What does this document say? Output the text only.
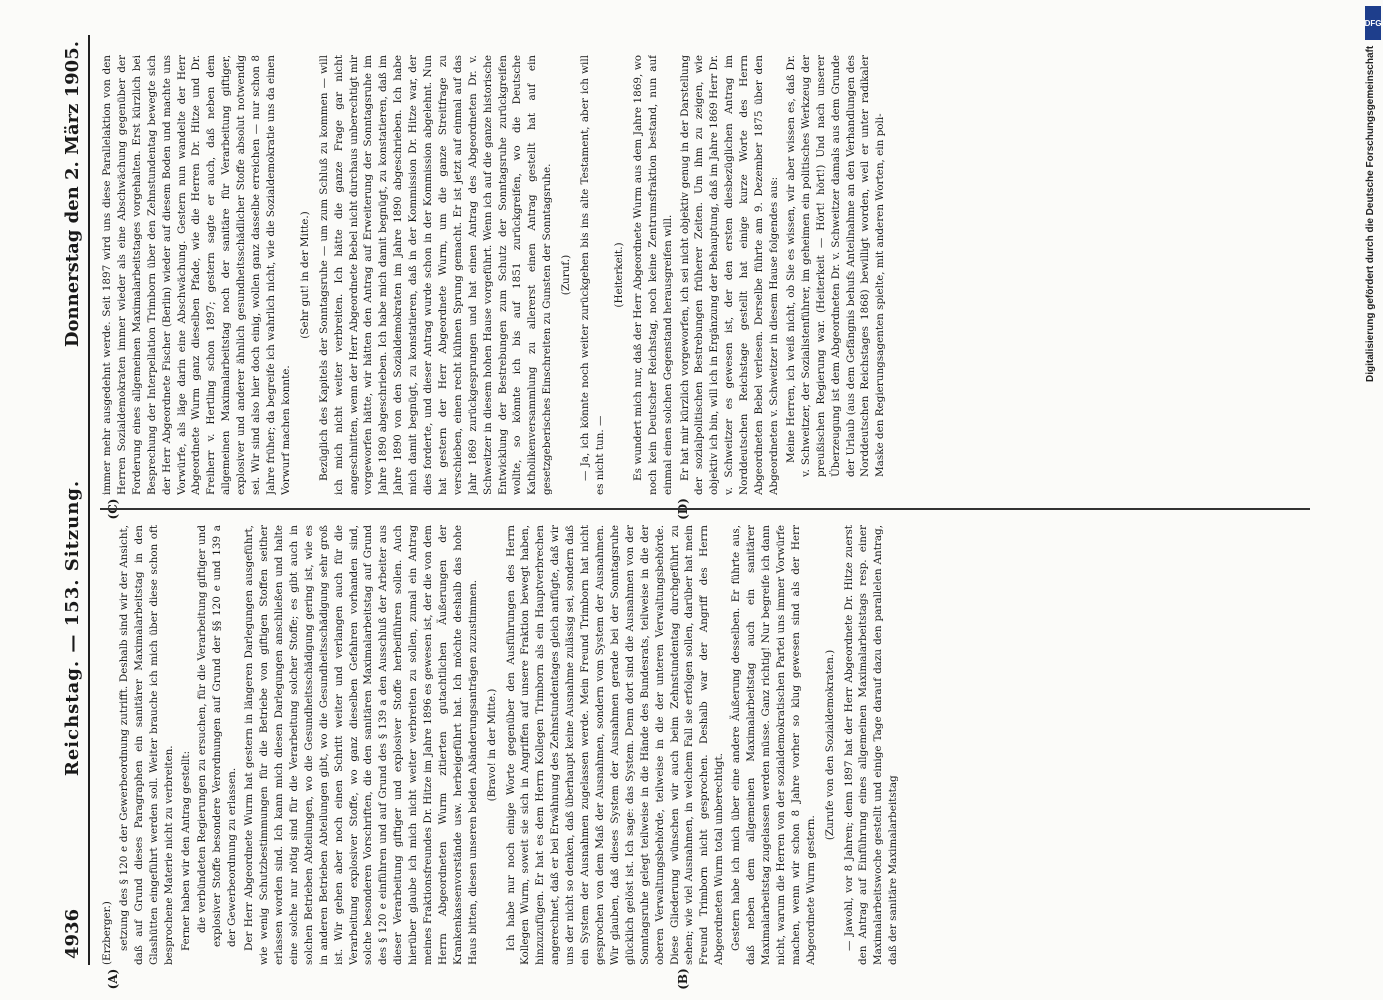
4936
Reichstag. — 153. Sitzung.
Donnerstag den 2. März 1905.
(A)	(B)

(Erzberger.) setzung des § 120 e der Gewerbeordnung zutrifft. Deshalb sind wir der Ansicht, daß auf Grund dieses Paragraphen ein sanitärer Maximalarbeitstag in den Glashütten eingeführt werden soll. Weiter brauche ich mich über diese schon oft besprochene Materie nicht zu verbreiten. Ferner haben wir den Antrag gestellt: die verbündeten Regierungen zu ersuchen, für die Verarbeitung giftiger und explosiver Stoffe besondere Verordnungen auf Grund der §§ 120 e und 139 a der Gewerbeordnung zu erlassen. Der Herr Abgeordnete Wurm hat gestern in längeren Darlegungen ausgeführt, wie wenig Schutzbestimmungen für die Betriebe von giftigen Stoffen seither erlassen worden sind. Ich kann mich diesen Darlegungen anschließen und halte eine solche nur nötig sind für die Verarbeitung solcher Stoffe; es gibt auch in solchen Betrieben Abteilungen, wo die Gesundheitsschädigung gering ist, wie es in anderen Betrieben Abteilungen gibt, wo die Gesundheitsschädigung sehr groß ist. Wir gehen aber noch einen Schritt weiter und verlangen auch für die Verarbeitung explosiver Stoffe, wo ganz dieselben Gefahren vorhanden sind, solche besonderen Vorschriften, die den sanitären Maximalarbeitstag auf Grund des § 120 e einführen und auf Grund des § 139 a den Ausschluß der Arbeiter aus dieser Verarbeitung giftiger und explosiver Stoffe herbeiführen sollen. Auch hierüber glaube ich mich nicht weiter verbreiten zu sollen, zumal ein Antrag meines Fraktionsfreundes Dr. Hitze im Jahre 1896 es gewesen ist, der die von dem Herrn Abgeordneten Wurm zitierten gutachtlichen Äußerungen der Krankenkassenvorstände usw. herbeigeführt hat. Ich möchte deshalb das hohe Haus bitten, diesen unseren beiden Abänderungsanträgen zuzustimmen. (Bravo! in der Mitte.) Ich habe nur noch einige Worte gegenüber den Ausführungen des Herrn Kollegen Wurm, soweit sie sich in Angriffen auf unsere Fraktion bewegt haben, hinzuzufügen. Er hat es dem Herrn Kollegen Trimborn als ein Hauptverbrechen angerechnet, daß er bei Erwähnung des Zehnstundentages gleich anfügte, daß wir uns der nicht so denken, daß überhaupt keine Ausnahme zulässig sei, sondern daß ein System der Ausnahmen zugelassen werde. Mein Freund Trimborn hat nicht gesprochen von dem Maß der Ausnahmen, sondern vom System der Ausnahmen. Wir glauben, daß dieses System der Ausnahmen gerade bei der Sonntagsruhe glücklich gelöst ist. Ich sage: das System. Denn dort sind die Ausnahmen von der Sonntagsruhe gelegt teilweise in die Hände des Bundesrats, teilweise in die der oberen Verwaltungsbehörde, teilweise in die der unteren Verwaltungsbehörde. Diese Gliederung wünschen wir auch beim Zehnstundentag durchgeführt zu sehen; wie viel Ausnahmen, in welchem Fall sie erfolgen sollen, darüber hat mein Freund Trimborn nicht gesprochen. Deshalb war der Angriff des Herrn Abgeordneten Wurm total unberechtigt. Gestern habe ich mich über eine andere Äußerung desselben. Er führte aus, daß neben dem allgemeinen Maximalarbeitstag auch ein sanitärer Maximalarbeitstag zugelassen werden müsse. Ganz richtig! Nur begreife ich dann nicht, warum die Herren von der sozialdemokratischen Partei uns immer Vorwürfe machen, wenn wir schon 8 Jahre vorher so klug gewesen sind als der Herr Abgeordnete Wurm gestern.

(Zurufe von den Sozialdemokraten.) — Jawohl, vor 8 Jahren; denn 1897 hat der Herr Abgeordnete Dr. Hitze zuerst den Antrag auf Einführung eines allgemeinen Maximalarbeitstags resp. einer Maximalarbeitswoche gestellt und einige Tage darauf dazu den parallelen Antrag, daß der sanitäre Maximalarbeitstag

immer mehr ausgedehnt werde. Seit 1897 wird uns diese Parallelaktion von den Herren Sozialdemokraten immer wieder als eine Abschwächung gegenüber der Forderung eines allgemeinen Maximalarbeitstages vorgehalten. Erst kürzlich bei Besprechung der Interpellation Trimborn über den Zehnstundentag bewegte sich der Herr Abgeordnete Fischer (Berlin) wieder auf diesem Boden und machte uns Vorwürfe, als läge darin eine Abschwächung. Gestern nun wandelte der Herr Abgeordnete Wurm ganz dieselben Pfade, wie die Herren Dr. Hitze und Dr. Freiherr v. Hertling schon 1897; gestern sagte er auch, daß neben dem allgemeinen Maximalarbeitstag noch der sanitäre für Verarbeitung giftiger, explosiver und anderer ähnlich gesundheitsschädlicher Stoffe absolut notwendig sei. Wir sind also hier doch einig, wollen ganz dasselbe erreichen — nur schon 8 Jahre früher; da begreife ich wahrlich nicht, wie die Sozialdemokratie uns da einen Vorwurf machen konnte.

(Sehr gut! in der Mitte.) Bezüglich des Kapitels der Sonntagsruhe — um zum Schluß zu kommen — will ich mich nicht weiter verbreiten. Ich hätte die ganze Frage gar nicht angeschnitten, wenn der Herr Abgeordnete Bebel nicht durchaus unberechtigt mir vorgeworfen hätte, wir hätten den Antrag auf Erweiterung der Sonntagsruhe im Jahre 1890 abgeschrieben. Ich habe mich damit begnügt, zu konstatieren, daß im Jahre 1890 von den Sozialdemokraten im Jahre 1890 abgeschrieben. Ich habe mich damit begnügt, zu konstatieren, daß in der Kommission Dr. Hitze war, der dies forderte, und dieser Antrag wurde schon in der Kommission abgelehnt. Nun hat gestern der Herr Abgeordnete Wurm, um die ganze Streitfrage zu verschieben, einen recht kühnen Sprung gemacht. Er ist jetzt auf einmal auf das Jahr 1869 zurückgesprungen und hat einen Antrag des Abgeordneten Dr. v. Schweitzer in diesem hohen Hause vorgeführt. Wenn ich auf die ganze historische Entwicklung der Bestrebungen zum Schutz der Sonntagsruhe zurückgreifen wollte, so könnte ich bis auf 1851 zurückgreifen, wo die Deutsche Katholikenversammlung zu allererst einen Antrag gestellt hat auf ein gesetzgeberisches Einschreiten zu Gunsten der Sonntagsruhe. (Zuruf.) — Ja, ich könnte noch weiter zurückgehen bis ins alte Testament, aber ich will es nicht tun. —

(Heiterkeit.) Es wundert mich nur, daß der Herr Abgeordnete Wurm aus dem Jahre 1869, wo noch kein Deutscher Reichstag, noch keine Zentrumsfraktion bestand, nun auf einmal einen solchen Gegenstand herausgreifen will. Er hat mir kürzlich vorgeworfen, ich sei nicht objektiv genug in der Darstellung der sozialpolitischen Bestrebungen früherer Zeiten. Um ihm zu zeigen, wie objektiv ich bin, will ich in Ergänzung der Behauptung, daß im Jahre 1869 Herr Dr. v. Schweitzer es gewesen ist, der den ersten diesbezüglichen Antrag im Norddeutschen Reichstage gestellt hat einige kurze Worte des Herrn Abgeordneten Bebel verlesen. Derselbe führte am 9. Dezember 1875 über den Abgeordneten v. Schweitzer in diesem Hause folgendes aus: Meine Herren, ich weiß nicht, ob Sie es wissen, wir aber wissen es, daß Dr. v. Schweitzer, der Sozialistenführer, im geheimen ein politisches Werkzeug der preußischen Regierung war. (Heiterkeit — Hört! hört!) Und nach unserer Überzeugung ist dem Abgeordneten Dr. v. Schweitzer damals aus dem Grunde der Urlaub (aus dem Gefängnis behufs Anteilnahme an den Verhandlungen des Norddeutschen Reichstages 1868) bewilligt worden, weil er unter radikaler Maske den Regierungsagenten spielte, mit anderen Worten, ein poli-

DFG
Digitalisierung gefördert durch die Deutsche Forschungsgemeinschaft
